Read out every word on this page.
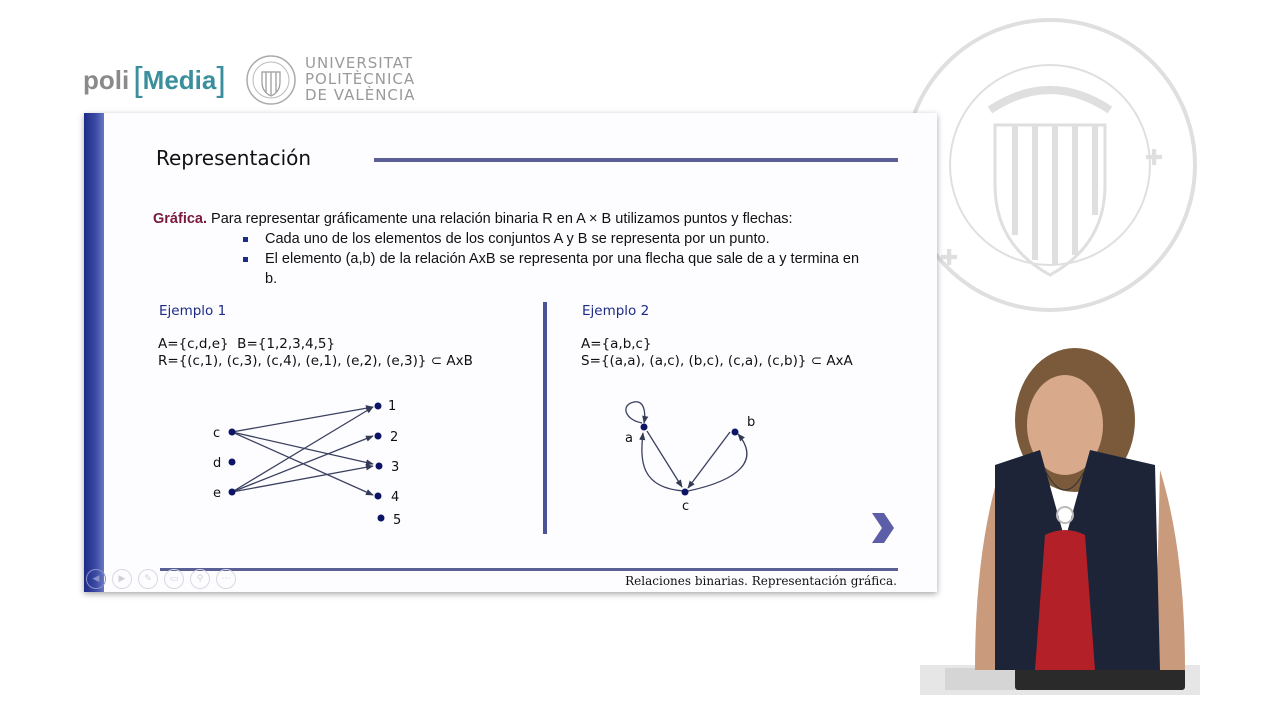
poli [ Media ]	UNIVERSITAT
POLITÈCNICA
DE VALÈNCIA
✚
✚
Representación
Gráfica. Para representar gráficamente una relación binaria R en A × B utilizamos puntos y flechas:
Cada uno de los elementos de los conjuntos A y B se representa por un punto.
El elemento (a,b) de la relación AxB se representa por una flecha que sale de a y termina en b.
Ejemplo 1
A={c,d,e}  B={1,2,3,4,5}
R={(c,1), (c,3), (c,4), (e,1), (e,2), (e,3)} ⊂ AxB
c
d
e
1
2
3
4
5
Ejemplo 2
A={a,b,c}
S={(a,a), (a,c), (b,c), (c,a), (c,b)} ⊂ AxA
a
b
c
Relaciones binarias. Representación gráfica.
◀	▶	✎	▭	⚲	⋯
